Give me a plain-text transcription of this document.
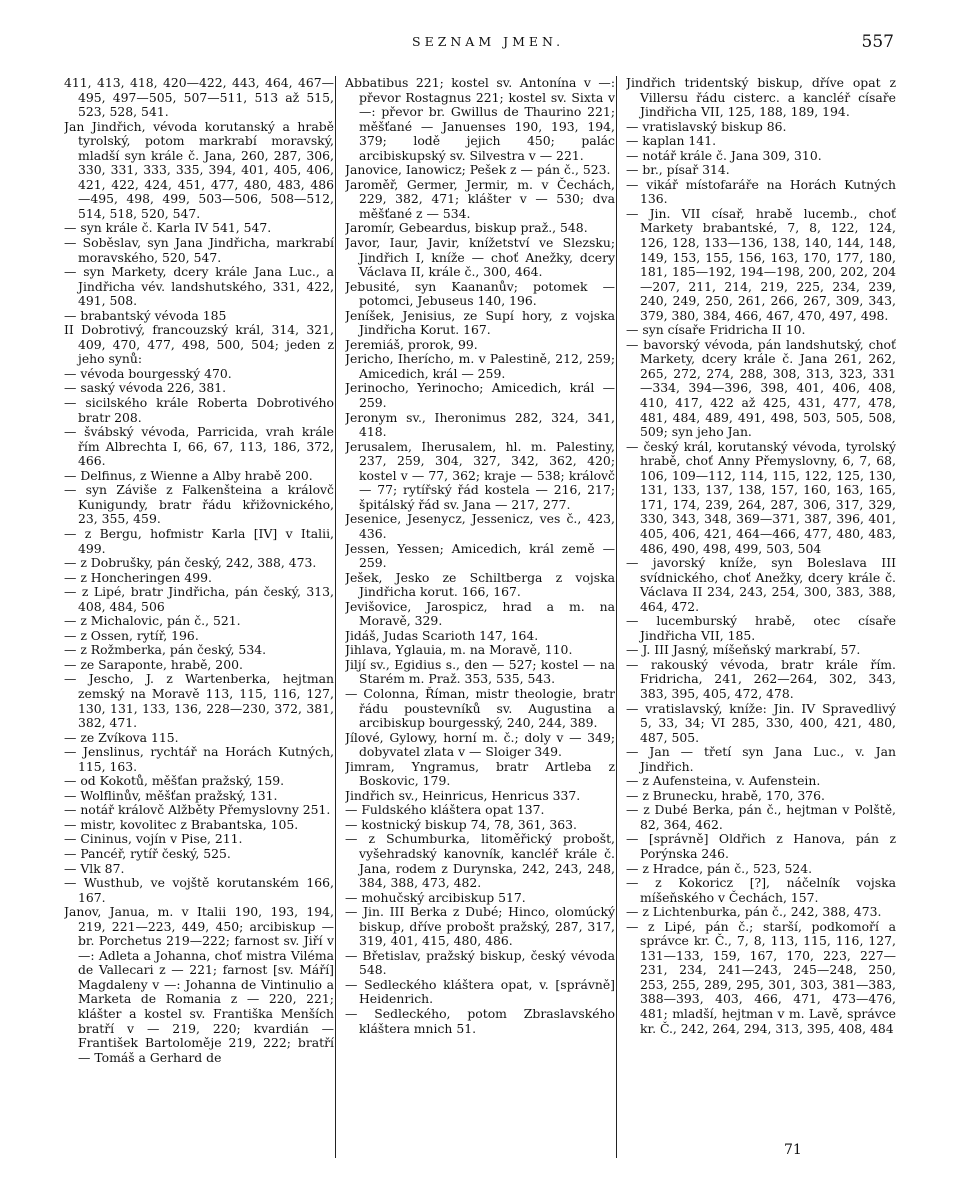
SEZNAM JMEN.	557

411, 413, 418, 420—422, 443, 464, 467—495, 497—505, 507—511, 513 až 515, 523, 528, 541.

Jan Jindřich, vévoda korutanský a hrabě tyrolský, potom markrabí moravský, mladší syn krále č. Jana, 260, 287, 306, 330, 331, 333, 335, 394, 401, 405, 406, 421, 422, 424, 451, 477, 480, 483, 486—495, 498, 499, 503—506, 508—512, 514, 518, 520, 547.

— syn krále č. Karla IV 541, 547.

— Soběslav, syn Jana Jindřicha, markrabí moravského, 520, 547.

— syn Markety, dcery krále Jana Luc., a Jindřicha vév. landshutského, 331, 422, 491, 508.

— brabantský vévoda 185

II Dobrotivý, francouzský král, 314, 321, 409, 470, 477, 498, 500, 504; jeden z jeho synů:

— vévoda bourgesský 470.

— saský vévoda 226, 381.

— sicilského krále Roberta Dobrotivého bratr 208.

— švábský vévoda, Parricida, vrah krále řím Albrechta I, 66, 67, 113, 186, 372, 466.

— Delfinus, z Wienne a Alby hrabě 200.

— syn Záviše z Falkenšteina a královč Kunigundy, bratr řádu křižovnického, 23, 355, 459.

— z Bergu, hofmistr Karla [IV] v Italii, 499.

— z Dobrušky, pán český, 242, 388, 473.

— z Honcheringen 499.

— z Lipé, bratr Jindřicha, pán český, 313, 408, 484, 506

— z Michalovic, pán č., 521.

— z Ossen, rytíř, 196.

— z Rožmberka, pán český, 534.

— ze Saraponte, hrabě, 200.

— Jescho, J. z Wartenberka, hejtman zemský na Moravě 113, 115, 116, 127, 130, 131, 133, 136, 228—230, 372, 381, 382, 471.

— ze Zvíkova 115.

— Jenslinus, rychtář na Horách Kutných, 115, 163.

— od Kokotů, měšťan pražský, 159.

— Wolflinův, měšťan pražský, 131.

— notář královč Alžběty Přemyslovny 251.

— mistr, kovolitec z Brabantska, 105.

— Cininus, vojín v Pise, 211.

— Pancéř, rytíř český, 525.

— Vlk 87.

— Wusthub, ve vojště korutanském 166, 167.

Janov, Janua, m. v Italii 190, 193, 194, 219, 221—223, 449, 450; arcibiskup — br. Porchetus 219—222; farnost sv. Jiří v —: Adleta a Johanna, choť mistra Viléma de Vallecari z — 221; farnost [sv. Máří] Magdaleny v —: Johanna de Vintinulio a Marketa de Romania z — 220, 221; klášter a kostel sv. Františka Menších bratří v — 219, 220; kvardián — František Bartoloměje 219, 222; bratří — Tomáš a Gerhard de

Abbatibus 221; kostel sv. Antonína v —: převor Rostagnus 221; kostel sv. Sixta v —: převor br. Gwillus de Thaurino 221; měšťané — Januenses 190, 193, 194, 379; lodě jejich 450; palác arcibiskupský sv. Silvestra v — 221.

Janovice, Ianowicz; Pešek z — pán č., 523.

Jaroměř, Germer, Jermir, m. v Čechách, 229, 382, 471; klášter v — 530; dva měšťané z — 534.

Jaromír, Gebeardus, biskup praž., 548.

Javor, Iaur, Javir, knížetství ve Slezsku; Jindřich I, kníže — choť Anežky, dcery Václava II, krále č., 300, 464.

Jebusité, syn Kaananův; potomek — potomci, Jebuseus 140, 196.

Jeníšek, Jenisius, ze Supí hory, z vojska Jindřicha Korut. 167.

Jeremiáš, prorok, 99.

Jericho, Iherícho, m. v Palestině, 212, 259; Amicedich, král — 259.

Jerinocho, Yerinocho; Amicedich, král — 259.

Jeronym sv., Iheronimus 282, 324, 341, 418.

Jerusalem, Iherusalem, hl. m. Palestiny, 237, 259, 304, 327, 342, 362, 420; kostel v — 77, 362; kraje — 538; královč — 77; rytířský řád kostela — 216, 217; špitálský řád sv. Jana — 217, 277.

Jesenice, Jesenycz, Jessenicz, ves č., 423, 436.

Jessen, Yessen; Amicedich, král země — 259.

Ješek, Jesko ze Schiltberga z vojska Jindřicha korut. 166, 167.

Jevišovice, Jarospicz, hrad a m. na Moravě, 329.

Jidáš, Judas Scarioth 147, 164.

Jihlava, Yglauia, m. na Moravě, 110.

Jiljí sv., Egidius s., den — 527; kostel — na Starém m. Praž. 353, 535, 543.

— Colonna, Říman, mistr theologie, bratr řádu poustevníků sv. Augustina a arcibiskup bourgesský, 240, 244, 389.

Jílové, Gylowy, horní m. č.; doly v — 349; dobyvatel zlata v — Sloiger 349.

Jimram, Yngramus, bratr Artleba z Boskovic, 179.

Jindřich sv., Heinricus, Henricus 337.

— Fuldského kláštera opat 137.

— kostnický biskup 74, 78, 361, 363.

— z Schumburka, litoměřický probošt, vyšehradský kanovník, kancléř krále č. Jana, rodem z Durynska, 242, 243, 248, 384, 388, 473, 482.

— mohučský arcibiskup 517.

— Jin. III Berka z Dubé; Hinco, olomúcký biskup, dříve probošt pražský, 287, 317, 319, 401, 415, 480, 486.

— Břetislav, pražský biskup, český vévoda 548.

— Sedleckého kláštera opat, v. [správně] Heidenrich.

— Sedleckého, potom Zbraslavského kláštera mnich 51.

Jindřich tridentský biskup, dříve opat z Villersu řádu cisterc. a kancléř císaře Jindřicha VII, 125, 188, 189, 194.

— vratislavský biskup 86.

— kaplan 141.

— notář krále č. Jana 309, 310.

— br., písař 314.

— vikář místofaráře na Horách Kutných 136.

— Jin. VII císař, hrabě lucemb., choť Markety brabantské, 7, 8, 122, 124, 126, 128, 133—136, 138, 140, 144, 148, 149, 153, 155, 156, 163, 170, 177, 180, 181, 185—192, 194—198, 200, 202, 204—207, 211, 214, 219, 225, 234, 239, 240, 249, 250, 261, 266, 267, 309, 343, 379, 380, 384, 466, 467, 470, 497, 498.

— syn císaře Fridricha II 10.

— bavorský vévoda, pán landshutský, choť Markety, dcery krále č. Jana 261, 262, 265, 272, 274, 288, 308, 313, 323, 331—334, 394—396, 398, 401, 406, 408, 410, 417, 422 až 425, 431, 477, 478, 481, 484, 489, 491, 498, 503, 505, 508, 509; syn jeho Jan.

— český král, korutanský vévoda, tyrolský hrabě, choť Anny Přemyslovny, 6, 7, 68, 106, 109—112, 114, 115, 122, 125, 130, 131, 133, 137, 138, 157, 160, 163, 165, 171, 174, 239, 264, 287, 306, 317, 329, 330, 343, 348, 369—371, 387, 396, 401, 405, 406, 421, 464—466, 477, 480, 483, 486, 490, 498, 499, 503, 504

— javorský kníže, syn Boleslava III svídnického, choť Anežky, dcery krále č. Václava II 234, 243, 254, 300, 383, 388, 464, 472.

— lucemburský hrabě, otec císaře Jindřicha VII, 185.

— J. III Jasný, míšeňský markrabí, 57.

— rakouský vévoda, bratr krále řím. Fridricha, 241, 262—264, 302, 343, 383, 395, 405, 472, 478.

— vratislavský, kníže: Jin. IV Spravedlivý 5, 33, 34; VI 285, 330, 400, 421, 480, 487, 505.

— Jan — třetí syn Jana Luc., v. Jan Jindřich.

— z Aufensteina, v. Aufenstein.

— z Brunecku, hrabě, 170, 376.

— z Dubé Berka, pán č., hejtman v Polště, 82, 364, 462.

— [správně] Oldřich z Hanova, pán z Porýnska 246.

— z Hradce, pán č., 523, 524.

— z Kokoricz [?], náčelník vojska míšeňského v Čechách, 157.

— z Lichtenburka, pán č., 242, 388, 473.

— z Lipé, pán č.; starší, podkomoří a správce kr. Č., 7, 8, 113, 115, 116, 127, 131—133, 159, 167, 170, 223, 227—231, 234, 241—243, 245—248, 250, 253, 255, 289, 295, 301, 303, 381—383, 388—393, 403, 466, 471, 473—476, 481; mladší, hejtman v m. Lavě, správce kr. Č., 242, 264, 294, 313, 395, 408, 484

71
